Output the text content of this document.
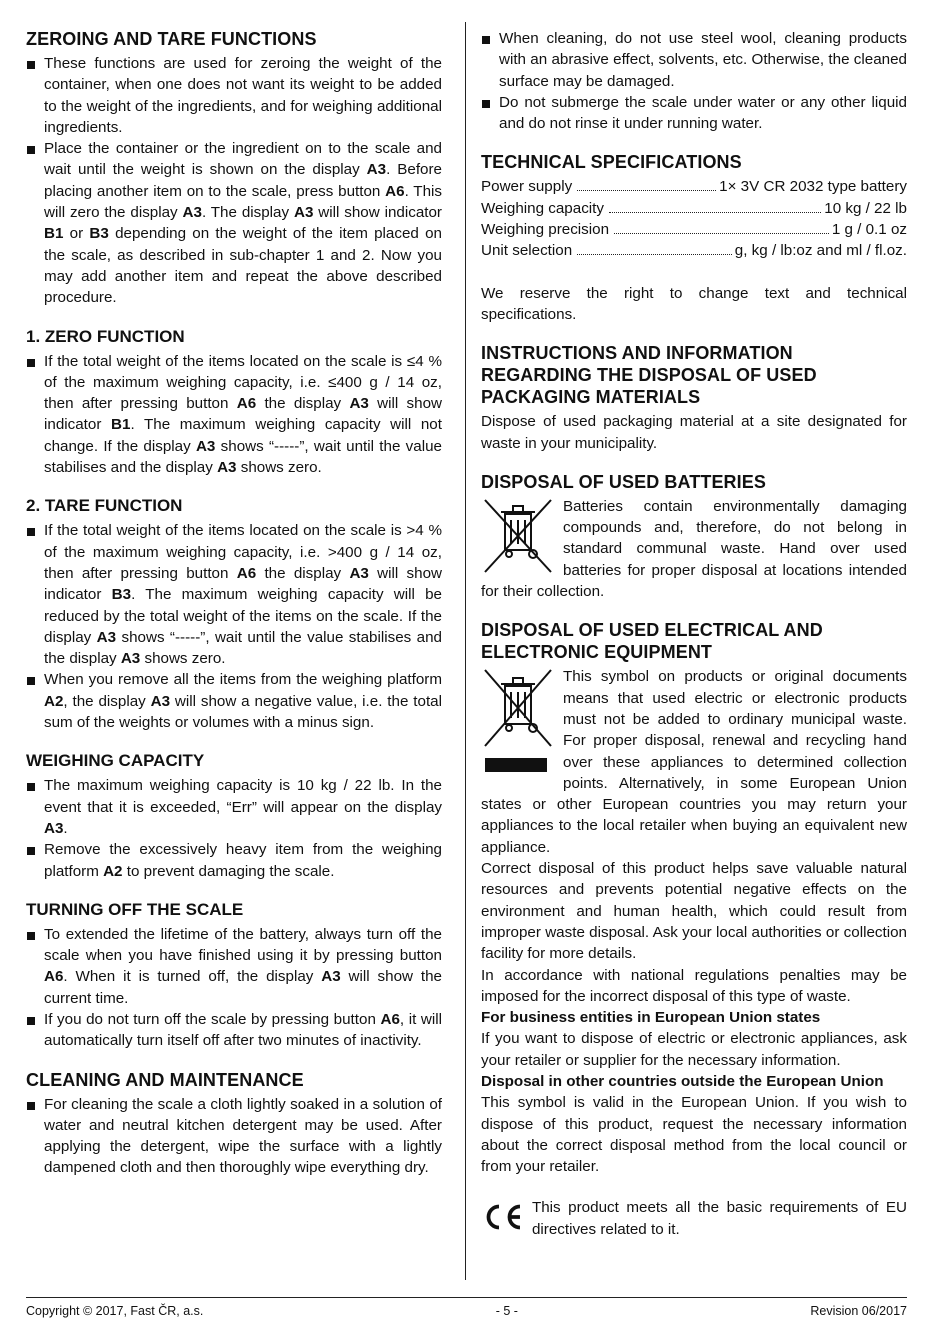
ZEROING AND TARE FUNCTIONS
These functions are used for zeroing the weight of the container, when one does not want its weight to be added to the weight of the ingredients, and for weighing additional ingredients.
Place the container or the ingredient on to the scale and wait until the weight is shown on the display A3. Before placing another item on to the scale, press button A6. This will zero the display A3. The display A3 will show indicator B1 or B3 depending on the weight of the item placed on the scale, as described in sub-chapter 1 and 2. Now you may add another item and repeat the above described procedure.
1. ZERO FUNCTION
If the total weight of the items located on the scale is ≤4 % of the maximum weighing capacity, i.e. ≤400 g / 14 oz, then after pressing button A6 the display A3 will show indicator B1. The maximum weighing capacity will not change. If the display A3 shows “-----”, wait until the value stabilises and the display A3 shows zero.
2. TARE FUNCTION
If the total weight of the items located on the scale is >4 % of the maximum weighing capacity, i.e. >400 g / 14 oz, then after pressing button A6 the display A3 will show indicator B3. The maximum weighing capacity will be reduced by the total weight of the items on the scale. If the display A3 shows “-----”, wait until the value stabilises and the display A3 shows zero.
When you remove all the items from the weighing platform A2, the display A3 will show a negative value, i.e. the total sum of the weights or volumes with a minus sign.
WEIGHING CAPACITY
The maximum weighing capacity is 10 kg / 22 lb. In the event that it is exceeded, “Err” will appear on the display A3.
Remove the excessively heavy item from the weighing platform A2 to prevent damaging the scale.
TURNING OFF THE SCALE
To extended the lifetime of the battery, always turn off the scale when you have finished using it by pressing button A6. When it is turned off, the display A3 will show the current time.
If you do not turn off the scale by pressing button A6, it will automatically turn itself off after two minutes of inactivity.
CLEANING AND MAINTENANCE
For cleaning the scale a cloth lightly soaked in a solution of water and neutral kitchen detergent may be used. After applying the detergent, wipe the surface with a lightly dampened cloth and then thoroughly wipe everything dry.
When cleaning, do not use steel wool, cleaning products with an abrasive effect, solvents, etc. Otherwise, the cleaned surface may be damaged.
Do not submerge the scale under water or any other liquid and do not rinse it under running water.
TECHNICAL SPECIFICATIONS
Power supply	1× 3V CR 2032 type battery
Weighing capacity	10 kg / 22 lb
Weighing precision	1 g / 0.1 oz
Unit selection	g, kg / lb:oz and ml / fl.oz.

We reserve the right to change text and technical specifications.

INSTRUCTIONS AND INFORMATION REGARDING THE DISPOSAL OF USED PACKAGING MATERIALS

Dispose of used packaging material at a site designated for waste in your municipality.

DISPOSAL OF USED BATTERIES

Batteries contain environmentally damaging compounds and, therefore, do not belong in standard communal waste. Hand over used batteries for proper disposal at locations intended for their collection.

DISPOSAL OF USED ELECTRICAL AND ELECTRONIC EQUIPMENT

This symbol on products or original documents means that used electric or electronic products must not be added to ordinary municipal waste. For proper disposal, renewal and recycling hand over these appliances to determined collection points. Alternatively, in some European Union states or other European countries you may return your appliances to the local retailer when buying an equivalent new appliance.

Correct disposal of this product helps save valuable natural resources and prevents potential negative effects on the environment and human health, which could result from improper waste disposal. Ask your local authorities or collection facility for more details.

In accordance with national regulations penalties may be imposed for the incorrect disposal of this type of waste.

For business entities in European Union states

If you want to dispose of electric or electronic appliances, ask your retailer or supplier for the necessary information.

Disposal in other countries outside the European Union

This symbol is valid in the European Union. If you wish to dispose of this product, request the necessary information about the correct disposal method from the local council or from your retailer.

This product meets all the basic requirements of EU directives related to it.

Copyright © 2017, Fast ČR, a.s.	- 5 -	Revision 06/2017
